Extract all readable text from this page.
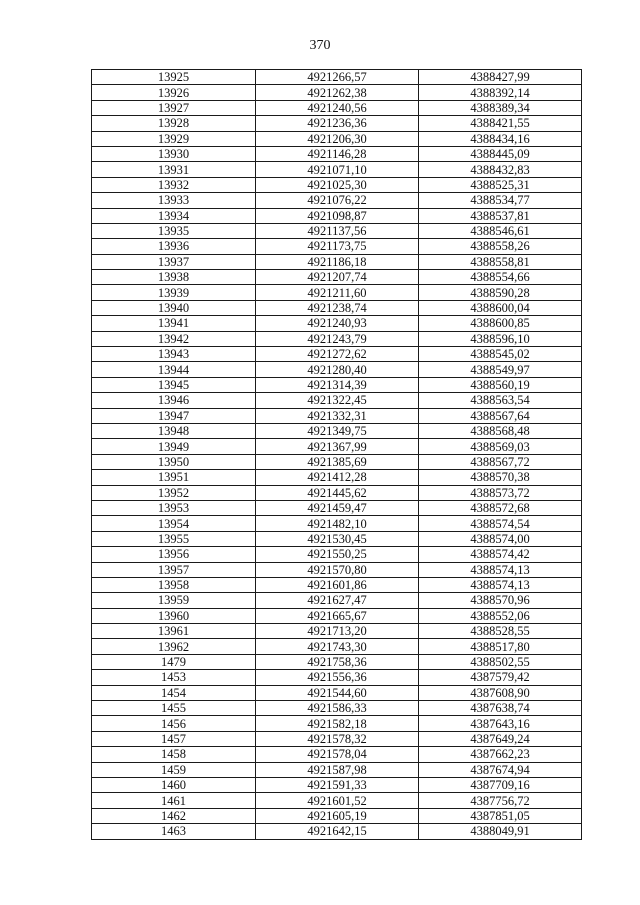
370
13925	4921266,57	4388427,99
13926	4921262,38	4388392,14
13927	4921240,56	4388389,34
13928	4921236,36	4388421,55
13929	4921206,30	4388434,16
13930	4921146,28	4388445,09
13931	4921071,10	4388432,83
13932	4921025,30	4388525,31
13933	4921076,22	4388534,77
13934	4921098,87	4388537,81
13935	4921137,56	4388546,61
13936	4921173,75	4388558,26
13937	4921186,18	4388558,81
13938	4921207,74	4388554,66
13939	4921211,60	4388590,28
13940	4921238,74	4388600,04
13941	4921240,93	4388600,85
13942	4921243,79	4388596,10
13943	4921272,62	4388545,02
13944	4921280,40	4388549,97
13945	4921314,39	4388560,19
13946	4921322,45	4388563,54
13947	4921332,31	4388567,64
13948	4921349,75	4388568,48
13949	4921367,99	4388569,03
13950	4921385,69	4388567,72
13951	4921412,28	4388570,38
13952	4921445,62	4388573,72
13953	4921459,47	4388572,68
13954	4921482,10	4388574,54
13955	4921530,45	4388574,00
13956	4921550,25	4388574,42
13957	4921570,80	4388574,13
13958	4921601,86	4388574,13
13959	4921627,47	4388570,96
13960	4921665,67	4388552,06
13961	4921713,20	4388528,55
13962	4921743,30	4388517,80
1479	4921758,36	4388502,55
1453	4921556,36	4387579,42
1454	4921544,60	4387608,90
1455	4921586,33	4387638,74
1456	4921582,18	4387643,16
1457	4921578,32	4387649,24
1458	4921578,04	4387662,23
1459	4921587,98	4387674,94
1460	4921591,33	4387709,16
1461	4921601,52	4387756,72
1462	4921605,19	4387851,05
1463	4921642,15	4388049,91
